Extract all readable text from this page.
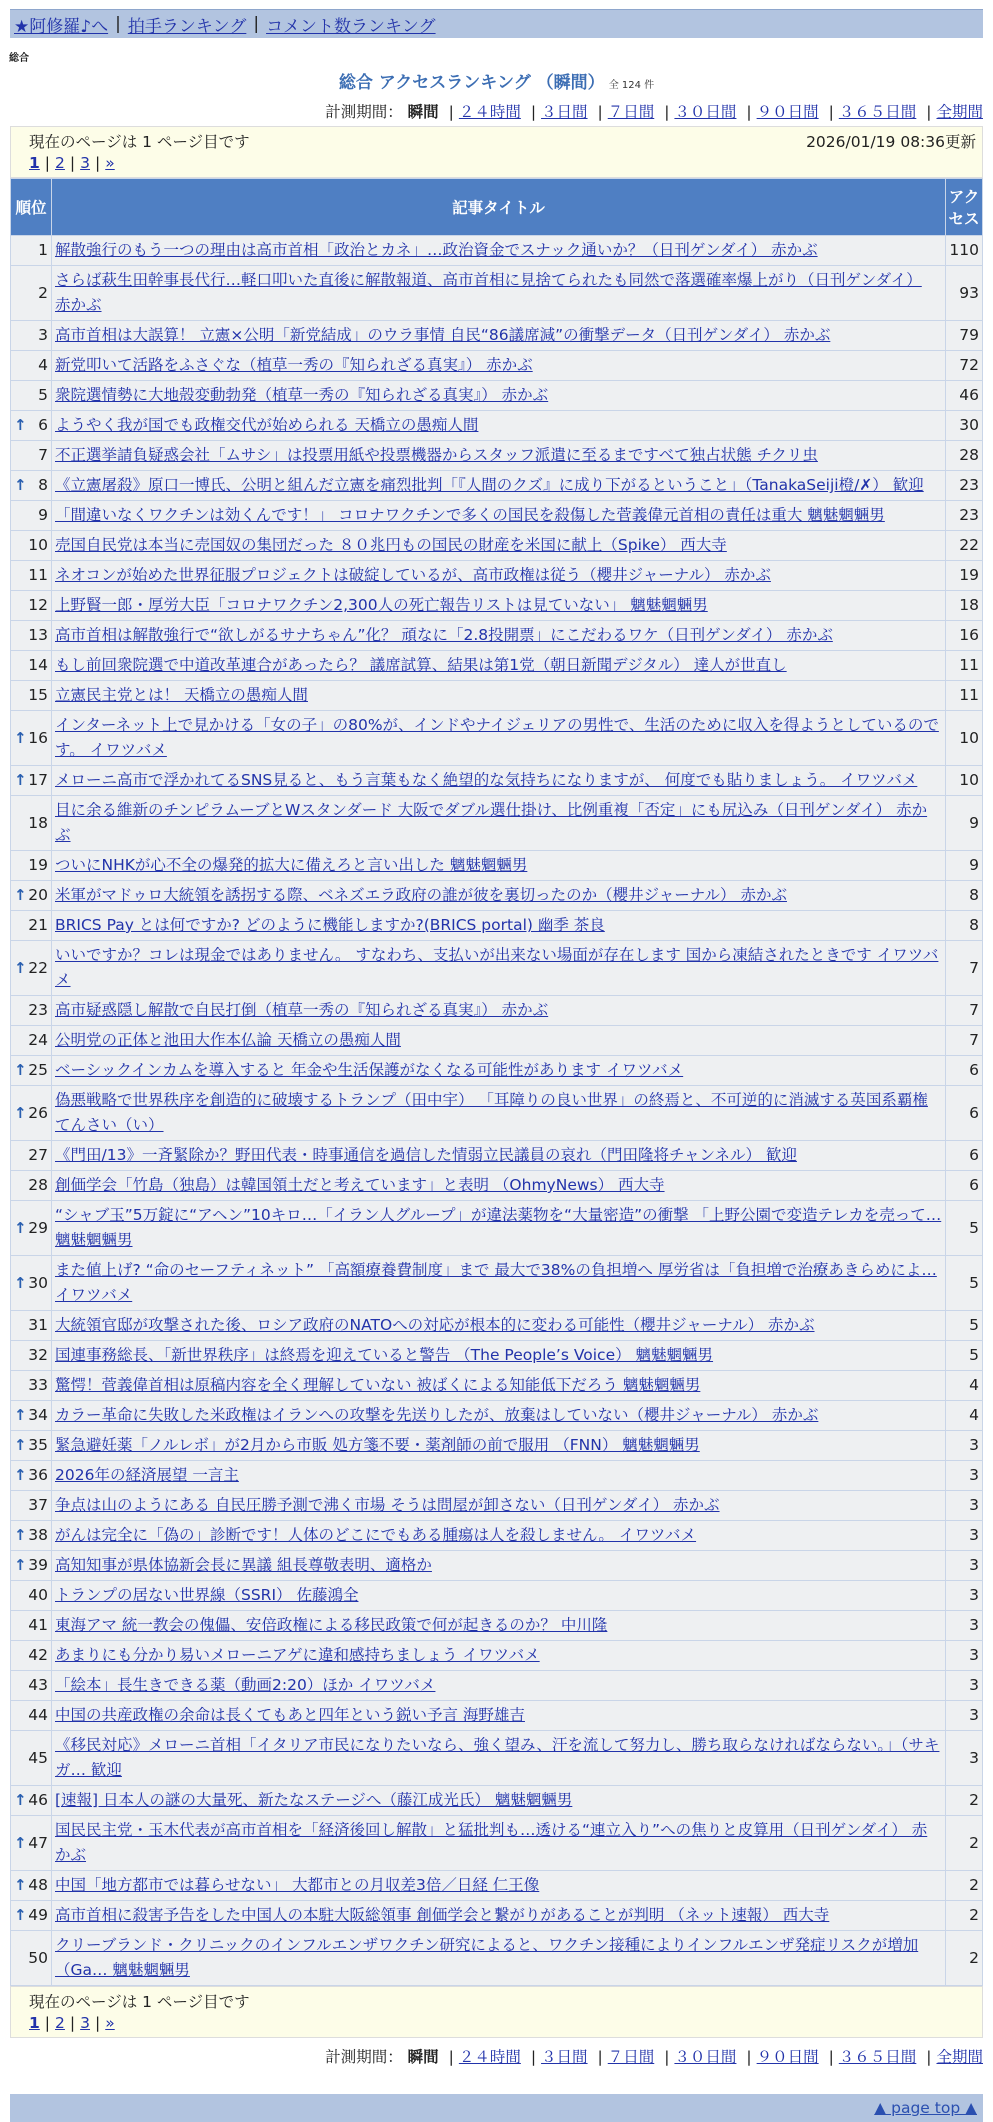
★阿修羅♪へ | 拍手ランキング | コメント数ランキング
総合
総合 アクセスランキング （瞬間） 全 124 件
計測期間： 瞬間 | ２４時間 | ３日間 | ７日間 | ３０日間 | ９０日間 | ３６５日間 | 全期間
現在のページは 1 ページ目です	2026/01/19 08:36更新
1 | 2 | 3 | »
順位	記事タイトル	アクセス
1	解散強行のもう一つの理由は高市首相「政治とカネ」…政治資金でスナック通いか？（日刊ゲンダイ） 赤かぶ	110
2	さらば萩生田幹事長代行…軽口叩いた直後に解散報道、高市首相に見捨てられたも同然で落選確率爆上がり（日刊ゲンダイ） 赤かぶ	93
3	高市首相は大誤算！ 立憲×公明「新党結成」のウラ事情 自民“86議席減”の衝撃データ（日刊ゲンダイ） 赤かぶ	79
4	新党叩いて活路をふさぐな（植草一秀の『知られざる真実』） 赤かぶ	72
5	衆院選情勢に大地殻変動勃発（植草一秀の『知られざる真実』） 赤かぶ	46

↑ 6	ようやく我が国でも政権交代が始められる 天橋立の愚痴人間	30
7	不正選挙請負疑惑会社「ムサシ」は投票用紙や投票機器からスタッフ派遣に至るまですべて独占状態 チクリ虫	28

↑ 8	《立憲屠殺》原口一博氏、公明と組んだ立憲を痛烈批判「『人間のクズ』に成り下がるということ」（TanakaSeiji橙/✗） 歓迎	23
9	「間違いなくワクチンは効くんです！」 コロナワクチンで多くの国民を殺傷した菅義偉元首相の責任は重大 魑魅魍魎男	23
10	売国自民党は本当に売国奴の集団だった ８０兆円もの国民の財産を米国に献上（Spike） 西大寺	22
11	ネオコンが始めた世界征服プロジェクトは破綻しているが、高市政権は従う（櫻井ジャーナル） 赤かぶ	19
12	上野賢一郎・厚労大臣「コロナワクチン2,300人の死亡報告リストは見ていない」 魑魅魍魎男	18
13	高市首相は解散強行で“欲しがるサナちゃん”化？ 頑なに「2.8投開票」にこだわるワケ（日刊ゲンダイ） 赤かぶ	16
14	もし前回衆院選で中道改革連合があったら？ 議席試算、結果は第1党（朝日新聞デジタル） 達人が世直し	11
15	立憲民主党とは！ 天橋立の愚痴人間	11

↑ 16	インターネット上で見かける「女の子」の80%が、インドやナイジェリアの男性で、生活のために収入を得ようとしているのです。 イワツバメ	10

↑ 17	メローニ高市で浮かれてるSNS見ると、もう言葉もなく絶望的な気持ちになりますが、 何度でも貼りましょう。 イワツバメ	10
18	目に余る維新のチンピラムーブとWスタンダード 大阪でダブル選仕掛け、比例重複「否定」にも尻込み（日刊ゲンダイ） 赤かぶ	9
19	ついにNHKが心不全の爆発的拡大に備えろと言い出した 魑魅魍魎男	9

↑ 20	米軍がマドゥロ大統領を誘拐する際、ベネズエラ政府の誰が彼を裏切ったのか（櫻井ジャーナル） 赤かぶ	8
21	BRICS Pay とは何ですか? どのように機能しますか?(BRICS portal) 幽季 茶良	8

↑ 22	いいですか？コレは現金ではありません。 すなわち、支払いが出来ない場面が存在します 国から凍結されたときです イワツバメ	7
23	高市疑惑隠し解散で自民打倒（植草一秀の『知られざる真実』） 赤かぶ	7
24	公明党の正体と池田大作本仏論 天橋立の愚痴人間	7

↑ 25	ベーシックインカムを導入すると 年金や生活保護がなくなる可能性があります イワツバメ	6

↑ 26	偽悪戦略で世界秩序を創造的に破壊するトランプ（田中宇） 「耳障りの良い世界」の終焉と、不可逆的に消滅する英国系覇権 てんさい（い）	6
27	《門田/13》一斉緊除か？野田代表・時事通信を過信した情弱立民議員の哀れ（門田隆将チャンネル） 歓迎	6
28	創価学会「竹島（独島）は韓国領土だと考えています」と表明 （OhmyNews） 西大寺	6

↑ 29	“シャブ玉”5万錠に“アヘン”10キロ…「イラン人グループ」が違法薬物を“大量密造”の衝撃 「上野公園で変造テレカを売って… 魑魅魍魎男	5

↑ 30	また値上げ? “命のセーフティネット” 「高額療養費制度」まで 最大で38%の負担増へ 厚労省は「負担増で治療あきらめによ… イワツバメ	5
31	大統領官邸が攻撃された後、ロシア政府のNATOへの対応が根本的に変わる可能性（櫻井ジャーナル） 赤かぶ	5
32	国連事務総長、「新世界秩序」は終焉を迎えていると警告 （The People’s Voice） 魑魅魍魎男	5
33	驚愕！菅義偉首相は原稿内容を全く理解していない 被ばくによる知能低下だろう 魑魅魍魎男	4

↑ 34	カラー革命に失敗した米政権はイランへの攻撃を先送りしたが、放棄はしていない（櫻井ジャーナル） 赤かぶ	4

↑ 35	緊急避妊薬「ノルレボ」が2月から市販 処方箋不要・薬剤師の前で服用 （FNN） 魑魅魍魎男	3

↑ 36	2026年の経済展望 一言主	3
37	争点は山のようにある 自民圧勝予測で沸く市場 そうは問屋が卸さない（日刊ゲンダイ） 赤かぶ	3

↑ 38	がんは完全に「偽の」診断です！人体のどこにでもある腫瘍は人を殺しません。 イワツバメ	3

↑ 39	高知知事が県体協新会長に異議 組長尊敬表明、適格か	3
40	トランプの居ない世界線（SSRI） 佐藤鴻全	3
41	東海アマ 統一教会の傀儡、安倍政権による移民政策で何が起きるのか？ 中川隆	3
42	あまりにも分かり易いメローニアゲに違和感持ちましょう イワツバメ	3
43	「絵本」長生きできる薬（動画2:20）ほか イワツバメ	3
44	中国の共産政権の余命は長くてもあと四年という鋭い予言 海野雄吉	3
45	《移民対応》メローニ首相「イタリア市民になりたいなら、強く望み、汗を流して努力し、勝ち取らなければならない。」（サキガ… 歓迎	3

↑ 46	[速報] 日本人の謎の大量死、新たなステージへ（藤江成光氏） 魑魅魍魎男	2

↑ 47	国民民主党・玉木代表が高市首相を「経済後回し解散」と猛批判も…透ける“連立入り”への焦りと皮算用（日刊ゲンダイ） 赤かぶ	2

↑ 48	中国「地方都市では暮らせない」 大都市との月収差3倍／日経 仁王像	2

↑ 49	高市首相に殺害予告をした中国人の本駐大阪総領事 創価学会と繋がりがあることが判明 （ネット速報） 西大寺	2
50	クリーブランド・クリニックのインフルエンザワクチン研究によると、ワクチン接種によりインフルエンザ発症リスクが増加 （Ga… 魑魅魍魎男	2
現在のページは 1 ページ目です
1 | 2 | 3 | »
計測期間： 瞬間 | ２４時間 | ３日間 | ７日間 | ３０日間 | ９０日間 | ３６５日間 | 全期間
▲ page top ▲
